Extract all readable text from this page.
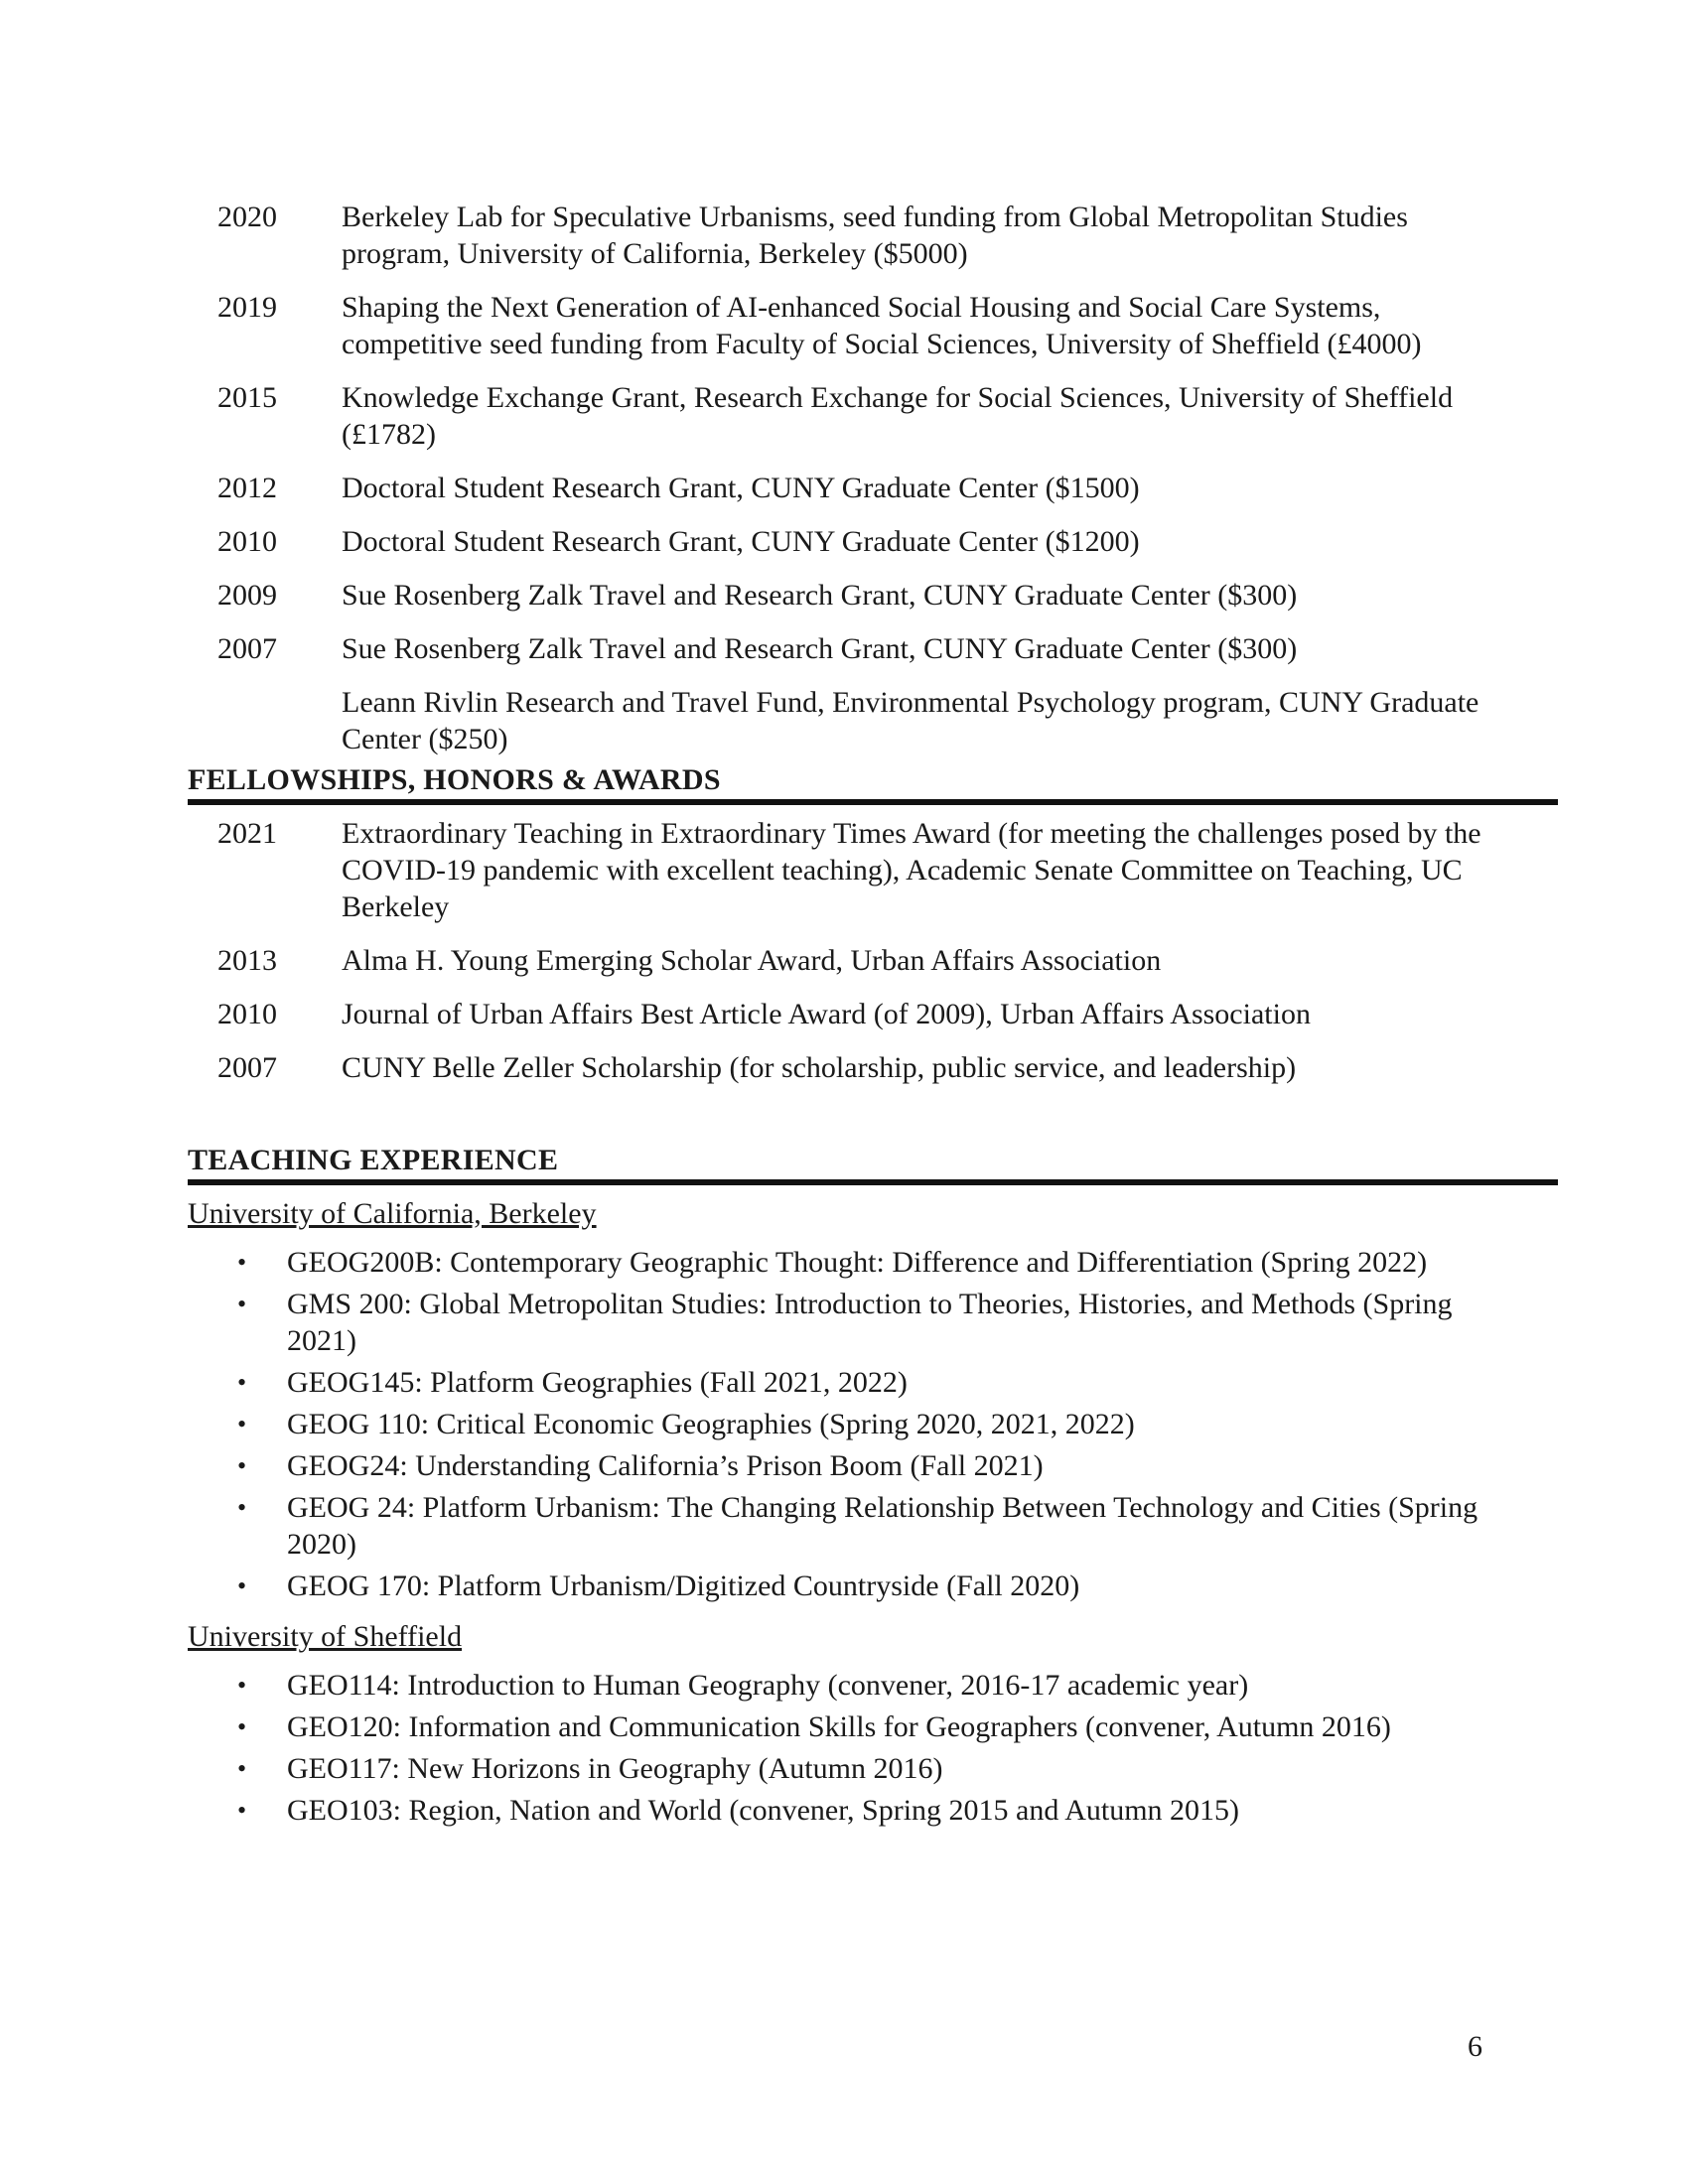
2020	Berkeley Lab for Speculative Urbanisms, seed funding from Global Metropolitan Studies program, University of California, Berkeley ($5000)
2019	Shaping the Next Generation of AI-enhanced Social Housing and Social Care Systems, competitive seed funding from Faculty of Social Sciences, University of Sheffield (£4000)
2015	Knowledge Exchange Grant, Research Exchange for Social Sciences, University of Sheffield (£1782)
2012	Doctoral Student Research Grant, CUNY Graduate Center ($1500)
2010	Doctoral Student Research Grant, CUNY Graduate Center ($1200)
2009	Sue Rosenberg Zalk Travel and Research Grant, CUNY Graduate Center ($300)
2007	Sue Rosenberg Zalk Travel and Research Grant, CUNY Graduate Center ($300)
Leann Rivlin Research and Travel Fund, Environmental Psychology program, CUNY Graduate Center ($250)
FELLOWSHIPS, HONORS & AWARDS
2021	Extraordinary Teaching in Extraordinary Times Award (for meeting the challenges posed by the COVID-19 pandemic with excellent teaching), Academic Senate Committee on Teaching, UC Berkeley
2013	Alma H. Young Emerging Scholar Award, Urban Affairs Association
2010	Journal of Urban Affairs Best Article Award (of 2009), Urban Affairs Association
2007	CUNY Belle Zeller Scholarship (for scholarship, public service, and leadership)
TEACHING EXPERIENCE
University of California, Berkeley
• GEOG200B: Contemporary Geographic Thought: Difference and Differentiation (Spring 2022)
• GMS 200: Global Metropolitan Studies: Introduction to Theories, Histories, and Methods (Spring 2021)
• GEOG145: Platform Geographies (Fall 2021, 2022)
• GEOG 110: Critical Economic Geographies (Spring 2020, 2021, 2022)
• GEOG24: Understanding California’s Prison Boom (Fall 2021)
• GEOG 24: Platform Urbanism: The Changing Relationship Between Technology and Cities (Spring 2020)
• GEOG 170: Platform Urbanism/Digitized Countryside (Fall 2020)
University of Sheffield
• GEO114: Introduction to Human Geography (convener, 2016-17 academic year)
• GEO120: Information and Communication Skills for Geographers (convener, Autumn 2016)
• GEO117: New Horizons in Geography (Autumn 2016)
• GEO103: Region, Nation and World (convener, Spring 2015 and Autumn 2015)
6
